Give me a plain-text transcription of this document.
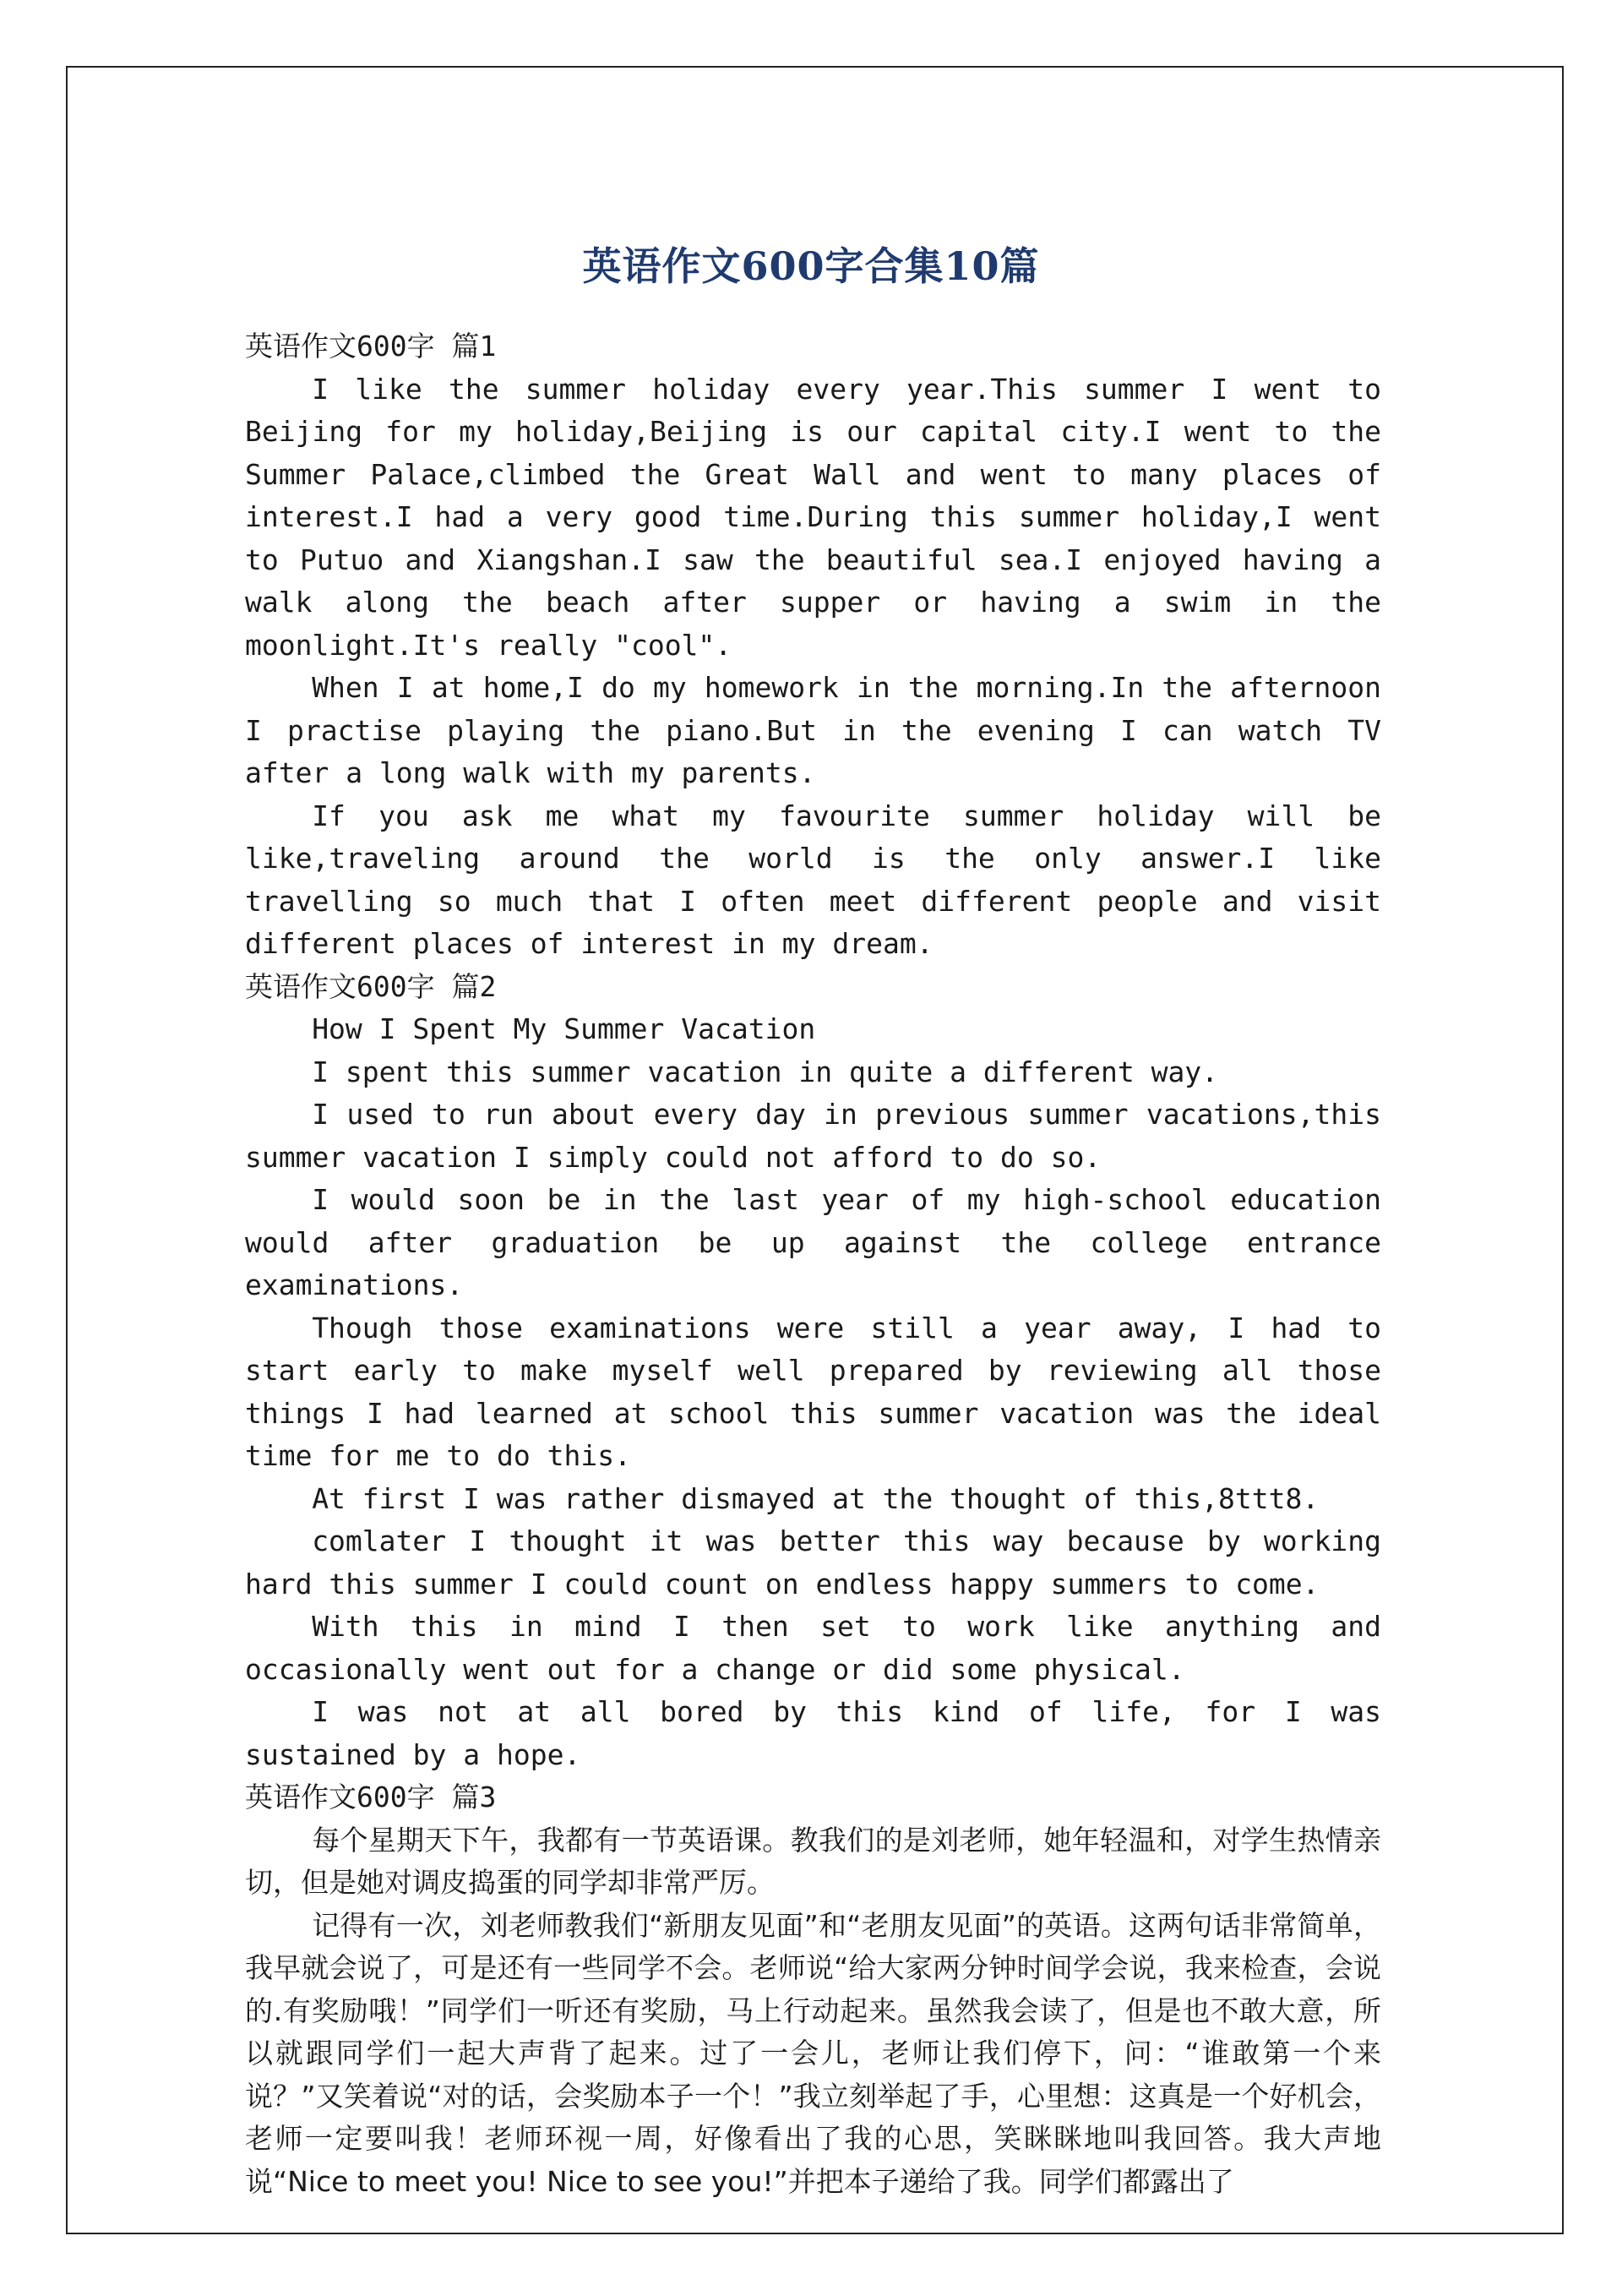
英语作文600字合集10篇

英语作文600字 篇1

I like the summer holiday every year.This summer I went to Beijing for my holiday,Beijing is our capital city.I went to the Summer Palace,climbed the Great Wall and went to many places of interest.I had a very good time.During this summer holiday,I went to Putuo and Xiangshan.I saw the beautiful sea.I enjoyed having a walk along the beach after supper or having a swim in the moonlight.It's really "cool".

When I at home,I do my homework in the morning.In the afternoon I practise playing the piano.But in the evening I can watch TV after a long walk with my parents.

If you ask me what my favourite summer holiday will be like,traveling around the world is the only answer.I like travelling so much that I often meet different people and visit different places of interest in my dream.

英语作文600字 篇2

How I Spent My Summer Vacation

I spent this summer vacation in quite a different way.

I used to run about every day in previous summer vacations,this summer vacation I simply could not afford to do so.

I would soon be in the last year of my high-school education would after graduation be up against the college entrance examinations.

Though those examinations were still a year away, I had to start early to make myself well prepared by reviewing all those things I had learned at school this summer vacation was the ideal time for me to do this.

At first I was rather dismayed at the thought of this,8ttt8.

comlater I thought it was better this way because by working hard this summer I could count on endless happy summers to come.

With this in mind I then set to work like anything and occasionally went out for a change or did some physical.

I was not at all bored by this kind of life, for I was sustained by a hope.

英语作文600字 篇3

每个星期天下午，我都有一节英语课。教我们的是刘老师，她年轻温和，对学生热情亲切，但是她对调皮捣蛋的同学却非常严厉。

记得有一次，刘老师教我们“新朋友见面”和“老朋友见面”的英语。这两句话非常简单，我早就会说了，可是还有一些同学不会。老师说“给大家两分钟时间学会说，我来检查，会说的.有奖励哦！”同学们一听还有奖励，马上行动起来。虽然我会读了，但是也不敢大意，所以就跟同学们一起大声背了起来。过了一会儿，老师让我们停下，问：“谁敢第一个来说？”又笑着说“对的话，会奖励本子一个！”我立刻举起了手，心里想：这真是一个好机会，老师一定要叫我！老师环视一周，好像看出了我的心思，笑眯眯地叫我回答。我大声地说“Nice to meet you! Nice to see you!”并把本子递给了我。同学们都露出了
